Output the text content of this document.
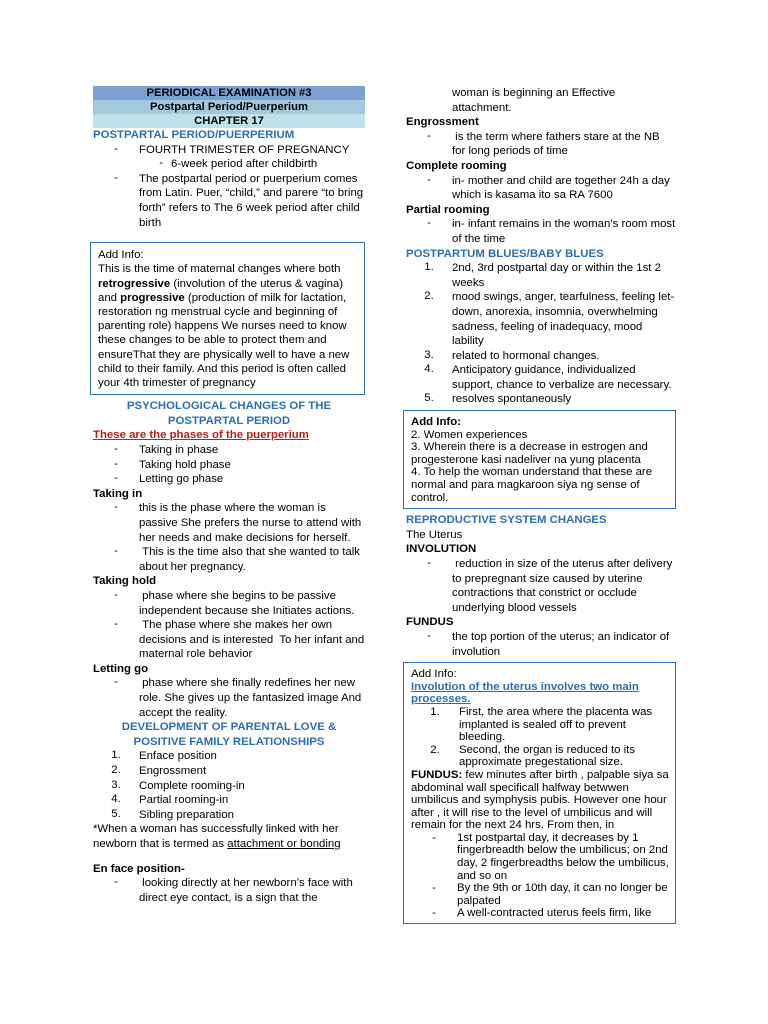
PERIODICAL EXAMINATION #3
Postpartal Period/Puerperium
CHAPTER 17
POSTPARTAL PERIOD/PUERPERIUM
-	FOURTH TRIMESTER OF PREGNANCY
- 6-week period after childbirth
-	The postpartal period or puerperium comes from Latin. Puer, “child,” and parere “to bring forth” refers to The 6 week period after child birth
Add Info:
This is the time of maternal changes where both retrogressive (involution of the uterus & vagina) and progressive (production of milk for lactation, restoration ng menstrual cycle and beginning of parenting role) happens We nurses need to know these changes to be able to protect them and ensureThat they are physically well to have a new child to their family. And this period is often called your 4th trimester of pregnancy
PSYCHOLOGICAL CHANGES OF THE POSTPARTAL PERIOD
These are the phases of the puerperium
-	Taking in phase
-	Taking hold phase
-	Letting go phase
Taking in
-	this is the phase where the woman is passive She prefers the nurse to attend with her needs and make decisions for herself.
-	This is the time also that she wanted to talk about her pregnancy.
Taking hold
-	phase where she begins to be passive independent because she Initiates actions.
-	The phase where she makes her own decisions and is interested  To her infant and maternal role behavior
Letting go
-	phase where she finally redefines her new role. She gives up the fantasized image And accept the reality.
DEVELOPMENT OF PARENTAL LOVE & POSITIVE FAMILY RELATIONSHIPS
1.	Enface position
2.	Engrossment
3.	Complete rooming-in
4.	Partial rooming-in
5.	Sibling preparation
*When a woman has successfully linked with her newborn that is termed as attachment or bonding
En face position-
-	looking directly at her newborn’s face with direct eye contact, is a sign that the
woman is beginning an Effective attachment.
Engrossment
-	is the term where fathers stare at the NB for long periods of time
Complete rooming
-	in- mother and child are together 24h a day which is kasama ito sa RA 7600
Partial rooming
-	in- infant remains in the woman’s room most of the time
POSTPARTUM BLUES/BABY BLUES
1.	2nd, 3rd postpartal day or within the 1st 2 weeks
2.	mood swings, anger, tearfulness, feeling let-down, anorexia, insomnia, overwhelming sadness, feeling of inadequacy, mood lability
3.	related to hormonal changes.
4.	Anticipatory guidance, individualized support, chance to verbalize are necessary.
5.	resolves spontaneously
Add Info:
2. Women experiences
3. Wherein there is a decrease in estrogen and progesterone kasi nadeliver na yung placenta
4. To help the woman understand that these are normal and para magkaroon siya ng sense of control.
REPRODUCTIVE SYSTEM CHANGES
The Uterus
INVOLUTION
-	reduction in size of the uterus after delivery to prepregnant size caused by uterine contractions that constrict or occlude underlying blood vessels
FUNDUS
-	the top portion of the uterus; an indicator of involution
Add Info:
Involution of the uterus involves two main processes.
1.	First, the area where the placenta was implanted is sealed off to prevent bleeding.
2.	Second, the organ is reduced to its approximate pregestational size.
FUNDUS: few minutes after birth , palpable siya sa abdominal wall specificall halfway betwwen umbilicus and symphysis pubis. However one hour after , it will rise to the level of umbilicus and will remain for the next 24 hrs. From then, in
-	1st postpartal day, it decreases by 1 fingerbreadth below the umbilicus; on 2nd day, 2 fingerbreadths below the umbilicus, and so on
-	By the 9th or 10th day, it can no longer be palpated
-	A well-contracted uterus feels firm, like
